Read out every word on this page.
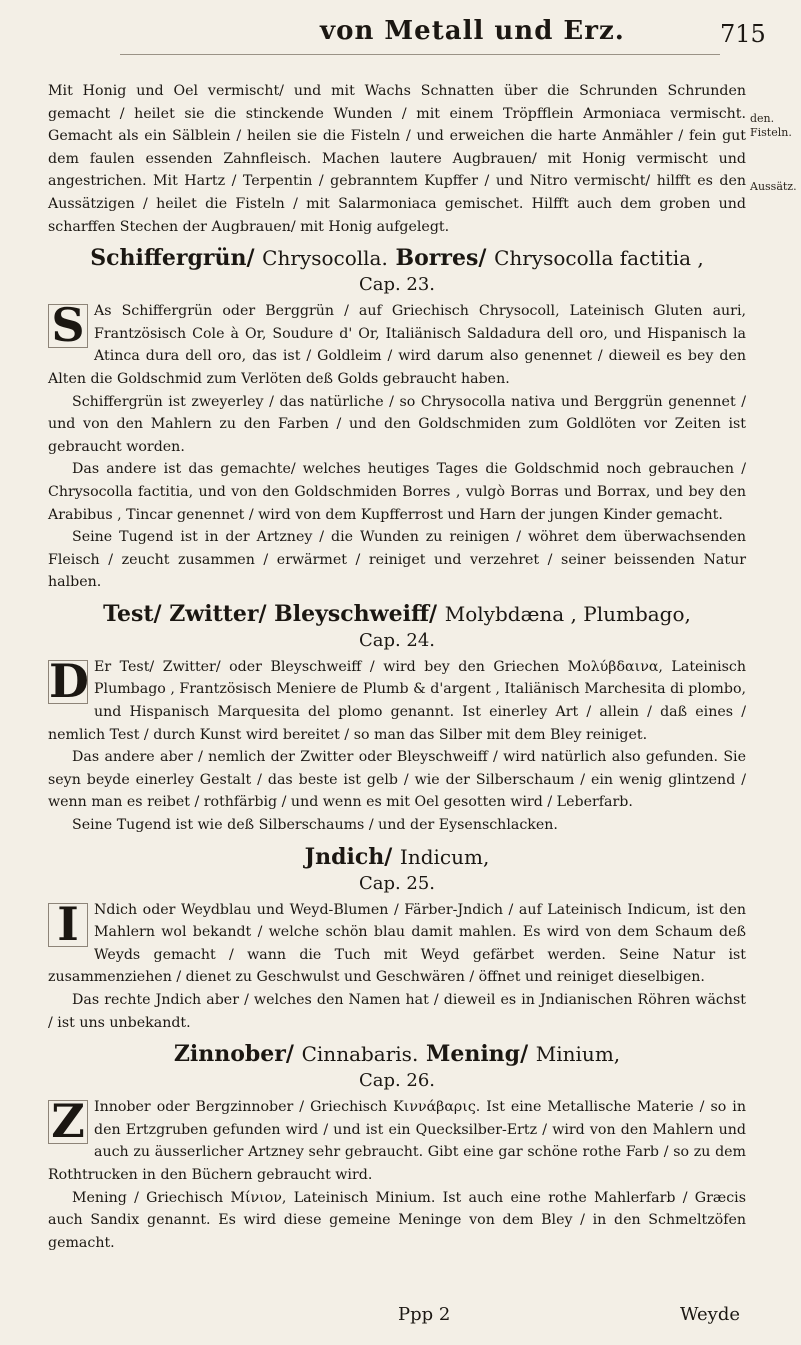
von Metall und Erz.	715
den. Fisteln.
Aussätz.

Mit Honig und Oel vermischt/ und mit Wachs Schnatten über die Schrunden Schrunden gemacht / heilet sie die stinckende Wunden / mit einem Tröpfflein Armoniaca vermischt. Gemacht als ein Sälblein / heilen sie die Fisteln / und erweichen die harte Anmähler / fein gut dem faulen essenden Zahnfleisch. Machen lautere Augbrauen/ mit Honig vermischt und angestrichen. Mit Hartz / Terpentin / gebranntem Kupffer / und Nitro vermischt/ hilfft es den Aussätzigen / heilet die Fisteln / mit Salarmoniaca gemischet. Hilfft auch dem groben und scharffen Stechen der Augbrauen/ mit Honig aufgelegt.

Schiffergrün/ Chrysocolla. Borres/ Chrysocolla factitia ,
Cap. 23.

S As Schiffergrün oder Berggrün / auf Griechisch Chrysocoll, Lateinisch Gluten auri, Frantzösisch Cole à Or, Soudure d' Or, Italiänisch Saldadura dell oro, und Hispanisch la Atinca dura dell oro, das ist / Goldleim / wird darum also genennet / dieweil es bey den Alten die Goldschmid zum Verlöten deß Golds gebraucht haben.

Schiffergrün ist zweyerley / das natürliche / so Chrysocolla nativa und Berggrün genennet / und von den Mahlern zu den Farben / und den Goldschmiden zum Goldlöten vor Zeiten ist gebraucht worden.

Das andere ist das gemachte/ welches heutiges Tages die Goldschmid noch gebrauchen / Chrysocolla factitia, und von den Goldschmiden Borres , vulgò Borras und Borrax, und bey den Arabibus , Tincar genennet / wird von dem Kupfferrost und Harn der jungen Kinder gemacht.

Seine Tugend ist in der Artzney / die Wunden zu reinigen / wöhret dem überwachsenden Fleisch / zeucht zusammen / erwärmet / reiniget und verzehret / seiner beissenden Natur halben.

Test/ Zwitter/ Bleyschweiff/ Molybdæna , Plumbago,
Cap. 24.

D Er Test/ Zwitter/ oder Bleyschweiff / wird bey den Griechen Μολύβδαινα, Lateinisch Plumbago , Frantzösisch Meniere de Plumb & d'argent , Italiänisch Marchesita di plombo, und Hispanisch Marquesita del plomo genannt. Ist einerley Art / allein / daß eines / nemlich Test / durch Kunst wird bereitet / so man das Silber mit dem Bley reiniget.

Das andere aber / nemlich der Zwitter oder Bleyschweiff / wird natürlich also gefunden. Sie seyn beyde einerley Gestalt / das beste ist gelb / wie der Silberschaum / ein wenig glintzend / wenn man es reibet / rothfärbig / und wenn es mit Oel gesotten wird / Leberfarb.

Seine Tugend ist wie deß Silberschaums / und der Eysenschlacken.

Jndich/ Indicum,
Cap. 25.

I	Ndich oder Weydblau und Weyd-Blumen / Färber-Jndich / auf Lateinisch Indicum, ist den Mahlern wol bekandt / welche schön blau damit mahlen. Es wird von dem Schaum deß Weyds gemacht / wann die Tuch mit Weyd gefärbet werden. Seine Natur ist zusammenziehen / dienet zu Geschwulst und Geschwären / öffnet und reiniget dieselbigen.

Das rechte Jndich aber / welches den Namen hat / dieweil es in Jndianischen Röhren wächst / ist uns unbekandt.

Zinnober/ Cinnabaris. Mening/ Minium,
Cap. 26.

Z Innober oder Bergzinnober / Griechisch Κιννάβαρις. Ist eine Metallische Materie / so in den Ertzgruben gefunden wird / und ist ein Quecksilber-Ertz / wird von den Mahlern und auch zu äusserlicher Artzney sehr gebraucht. Gibt eine gar schöne rothe Farb / so zu dem Rothtrucken in den Büchern gebraucht wird.

Mening / Griechisch Μίνιον, Lateinisch Minium. Ist auch eine rothe Mahlerfarb / Græcis auch Sandix genannt. Es wird diese gemeine Meninge von dem Bley / in den Schmeltzöfen gemacht.

Ppp 2	Weyde
